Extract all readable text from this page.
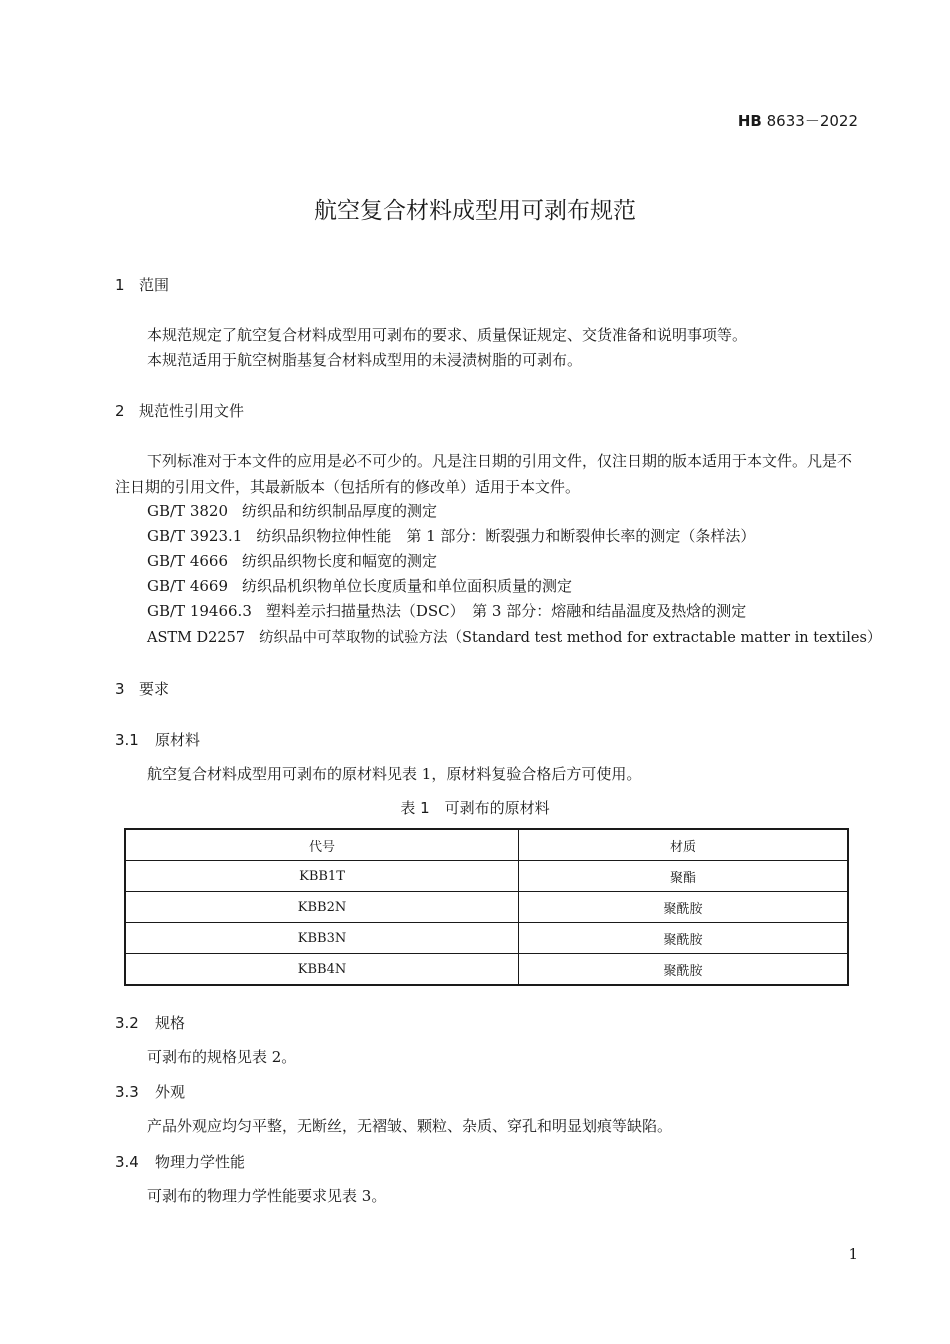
HB 8633－2022
航空复合材料成型用可剥布规范
1 范围
本规范规定了航空复合材料成型用可剥布的要求、质量保证规定、交货准备和说明事项等。
本规范适用于航空树脂基复合材料成型用的未浸渍树脂的可剥布。
2 规范性引用文件
下列标准对于本文件的应用是必不可少的。凡是注日期的引用文件，仅注日期的版本适用于本文件。凡是不注日期的引用文件，其最新版本（包括所有的修改单）适用于本文件。
GB/T 3820 纺织品和纺织制品厚度的测定
GB/T 3923.1 纺织品织物拉伸性能　第 1 部分：断裂强力和断裂伸长率的测定（条样法）
GB/T 4666 纺织品织物长度和幅宽的测定
GB/T 4669 纺织品机织物单位长度质量和单位面积质量的测定
GB/T 19466.3 塑料差示扫描量热法（DSC）　第 3 部分：熔融和结晶温度及热焓的测定
ASTM D2257 纺织品中可萃取物的试验方法（Standard test method for extractable matter in textiles）
3 要求
3.1 原材料
航空复合材料成型用可剥布的原材料见表 1，原材料复验合格后方可使用。
表 1　可剥布的原材料
代号	材质
KBB1T	聚酯
KBB2N	聚酰胺
KBB3N	聚酰胺
KBB4N	聚酰胺
3.2 规格
可剥布的规格见表 2。
3.3 外观
产品外观应均匀平整，无断丝，无褶皱、颗粒、杂质、穿孔和明显划痕等缺陷。
3.4 物理力学性能
可剥布的物理力学性能要求见表 3。
1
